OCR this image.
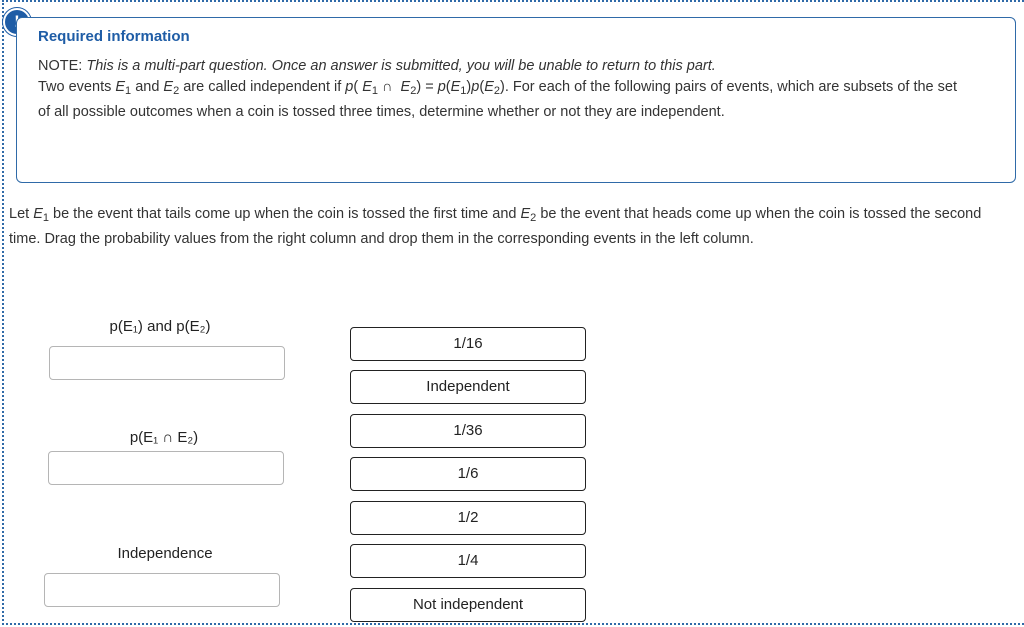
Required information
NOTE: This is a multi-part question. Once an answer is submitted, you will be unable to return to this part.
Two events $E_1$ and $E_2$ are called independent if p( $E_1$ ∩  $E_2) = p(E_1)p(E_2)$. For each of the following pairs of events, which are subsets of the set of all possible outcomes when a coin is tossed three times, determine whether or not they are independent.
Let $E_1$ be the event that tails come up when the coin is tossed the first time and $E_2$ be the event that heads come up when the coin is tossed the second time. Drag the probability values from the right column and drop them in the corresponding events in the left column.
p(E₁) and p(E₂)
p(E₁ ∩ E₂)
Independence
1/16
Independent
1/36
1/6
1/2
1/4
Not independent
